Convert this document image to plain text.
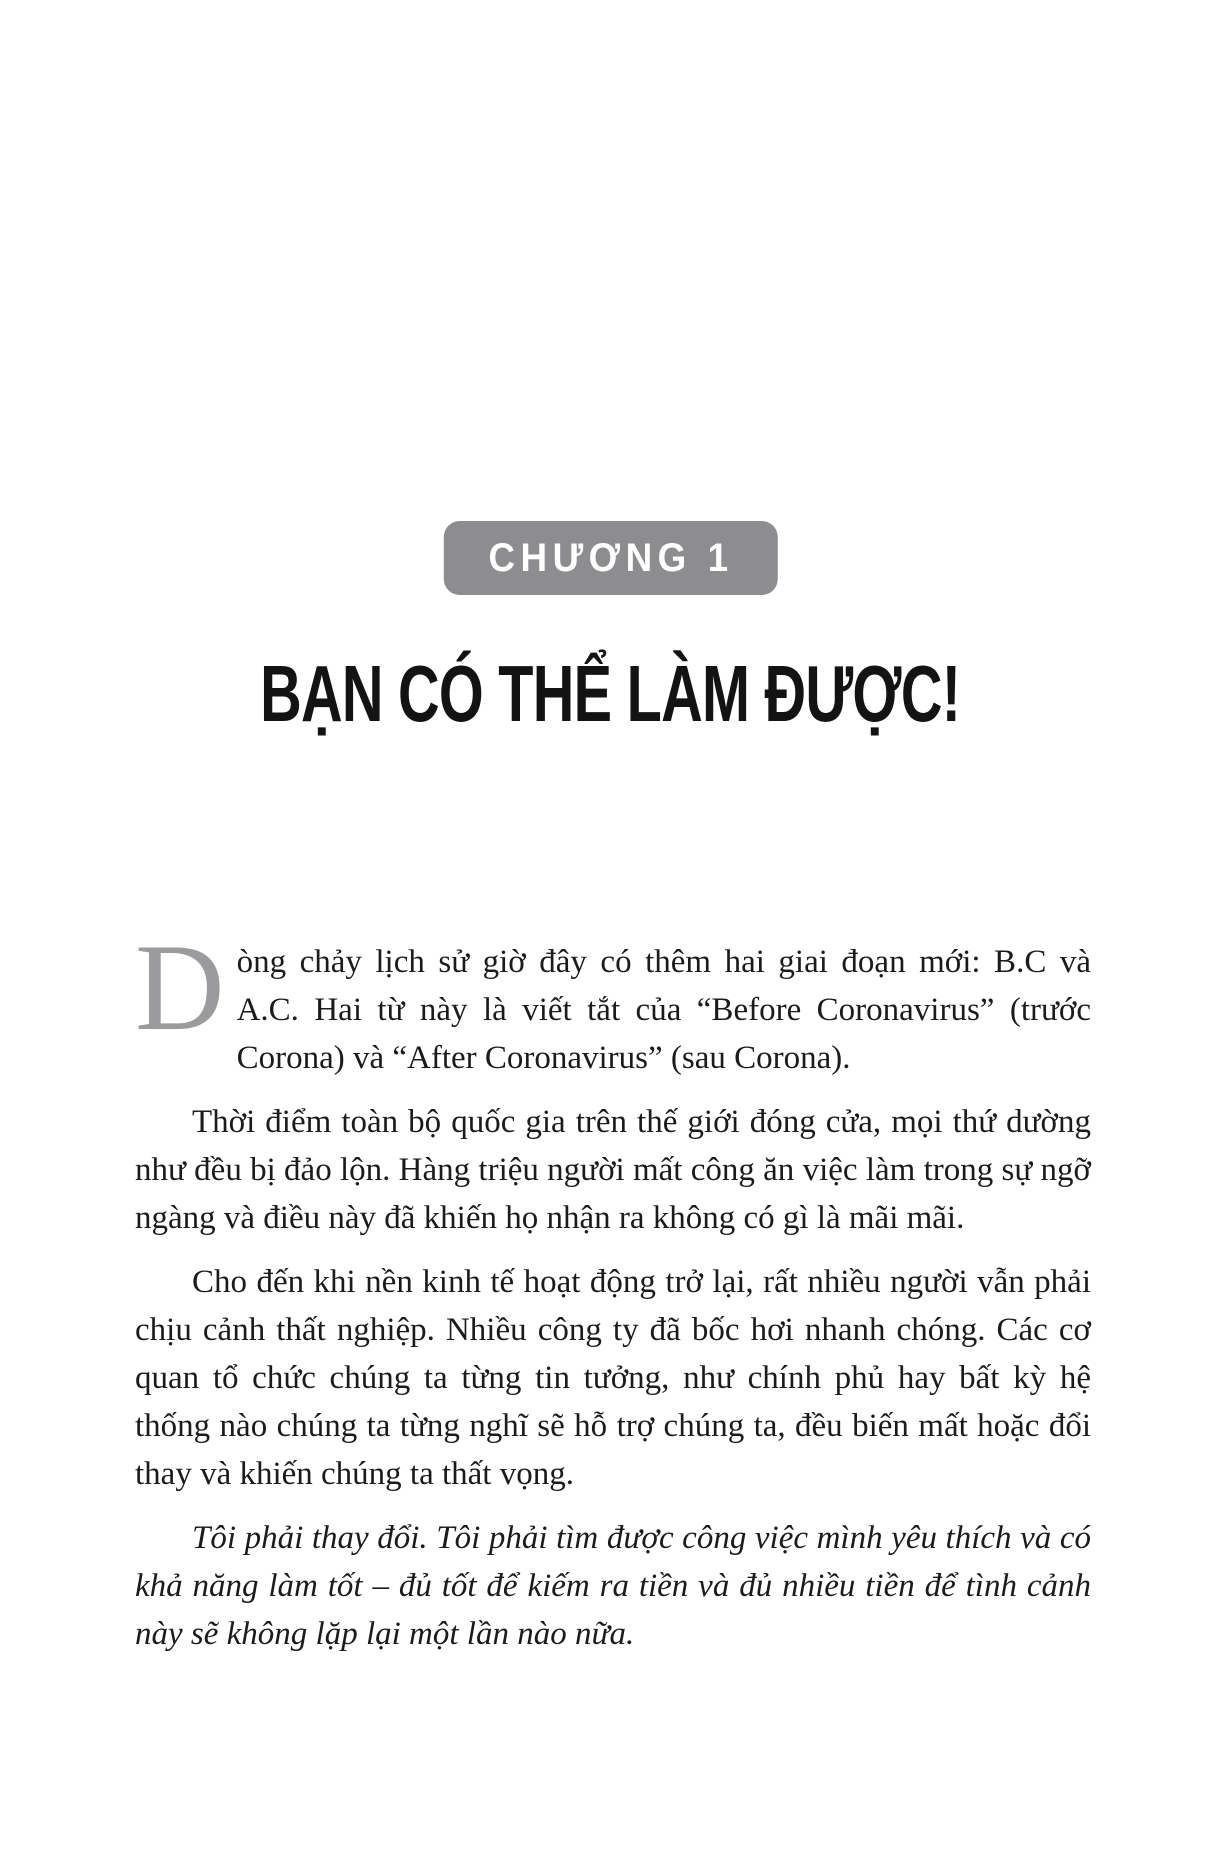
CHƯƠNG 1
BẠN CÓ THỂ LÀM ĐƯỢC!

Dòng chảy lịch sử giờ đây có thêm hai giai đoạn mới: B.C và A.C. Hai từ này là viết tắt của “Before Coronavirus” (trước Corona) và “After Coronavirus” (sau Corona).

Thời điểm toàn bộ quốc gia trên thế giới đóng cửa, mọi thứ dường như đều bị đảo lộn. Hàng triệu người mất công ăn việc làm trong sự ngỡ ngàng và điều này đã khiến họ nhận ra không có gì là mãi mãi.

Cho đến khi nền kinh tế hoạt động trở lại, rất nhiều người vẫn phải chịu cảnh thất nghiệp. Nhiều công ty đã bốc hơi nhanh chóng. Các cơ quan tổ chức chúng ta từng tin tưởng, như chính phủ hay bất kỳ hệ thống nào chúng ta từng nghĩ sẽ hỗ trợ chúng ta, đều biến mất hoặc đổi thay và khiến chúng ta thất vọng.

Tôi phải thay đổi. Tôi phải tìm được công việc mình yêu thích và có khả năng làm tốt – đủ tốt để kiếm ra tiền và đủ nhiều tiền để tình cảnh này sẽ không lặp lại một lần nào nữa.
